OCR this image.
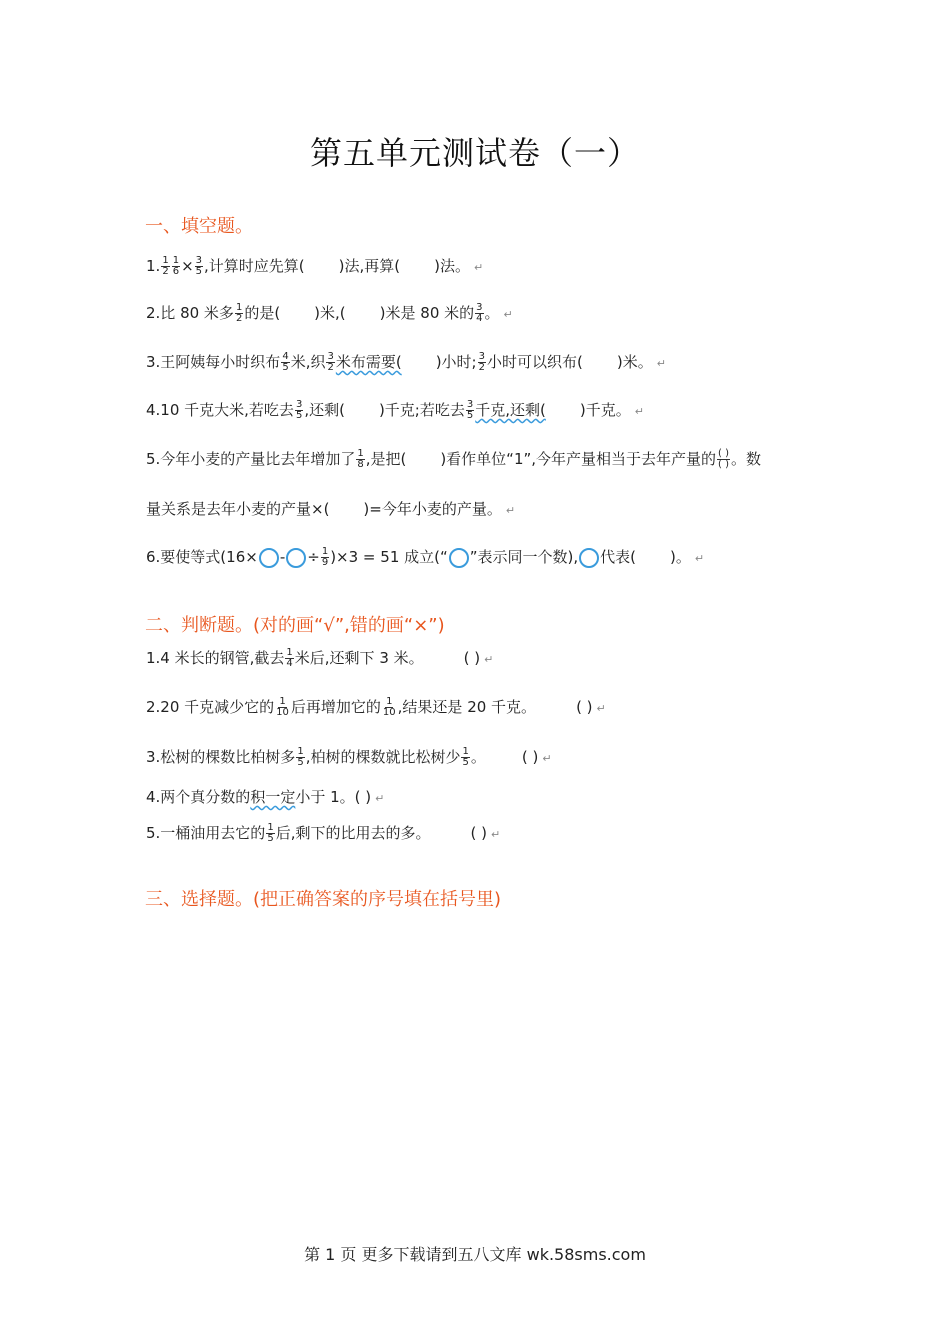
第五单元测试卷（一）
一、填空题。
1. $\frac{1}{2} \frac{1}{6} \times \frac{3}{5}$ ,计算时应先算( )法,再算( )法。 ↵
2.比 80 米多 $\frac{1}{2}$ 的是( )米,( )米是 80 米的 $\frac{3}{4}$ 。 ↵
3.王阿姨每小时织布 $\frac{4}{5}$ 米,织 $\frac{3}{2}$ 米布需要( )小时; $\frac{3}{2}$ 小时可以织布( )米。 ↵
4.10 千克大米,若吃去 $\frac{3}{5}$ ,还剩( )千克;若吃去 $\frac{3}{5}$ 千克,还剩( )千克。 ↵
5.今年小麦的产量比去年增加了 $\frac{1}{8}$ ,是把( )看作单位“1”,今年产量相当于去年产量的 ( )
( ) 。数
量关系是去年小麦的产量×( )=今年小麦的产量。 ↵
6.要使等式(16× - ÷ $\frac{1}{9} )\times 3 = 51$ 成立(“ ”表示同一个数), 代表( )。 ↵
二、判断题。(对的画“√”,错的画“×”)
1.4 米长的钢管,截去 $\frac{1}{4}$ 米后,还剩下 3 米。	( ) ↵
2.20 千克减少它的 $\frac{1}{10}$ 后再增加它的 $\frac{1}{10}$ ,结果还是 20 千克。	( ) ↵
3.松树的棵数比柏树多 $\frac{1}{5}$ ,柏树的棵数就比松树少 $\frac{1}{5}$ 。 ( ) ↵
4.两个真分数的积一定小于 1。( ) ↵
5.一桶油用去它的 $\frac{1}{5}$ 后,剩下的比用去的多。	( ) ↵
三、选择题。(把正确答案的序号填在括号里)
第 1 页 更多下载请到五八文库 wk.58sms.com
